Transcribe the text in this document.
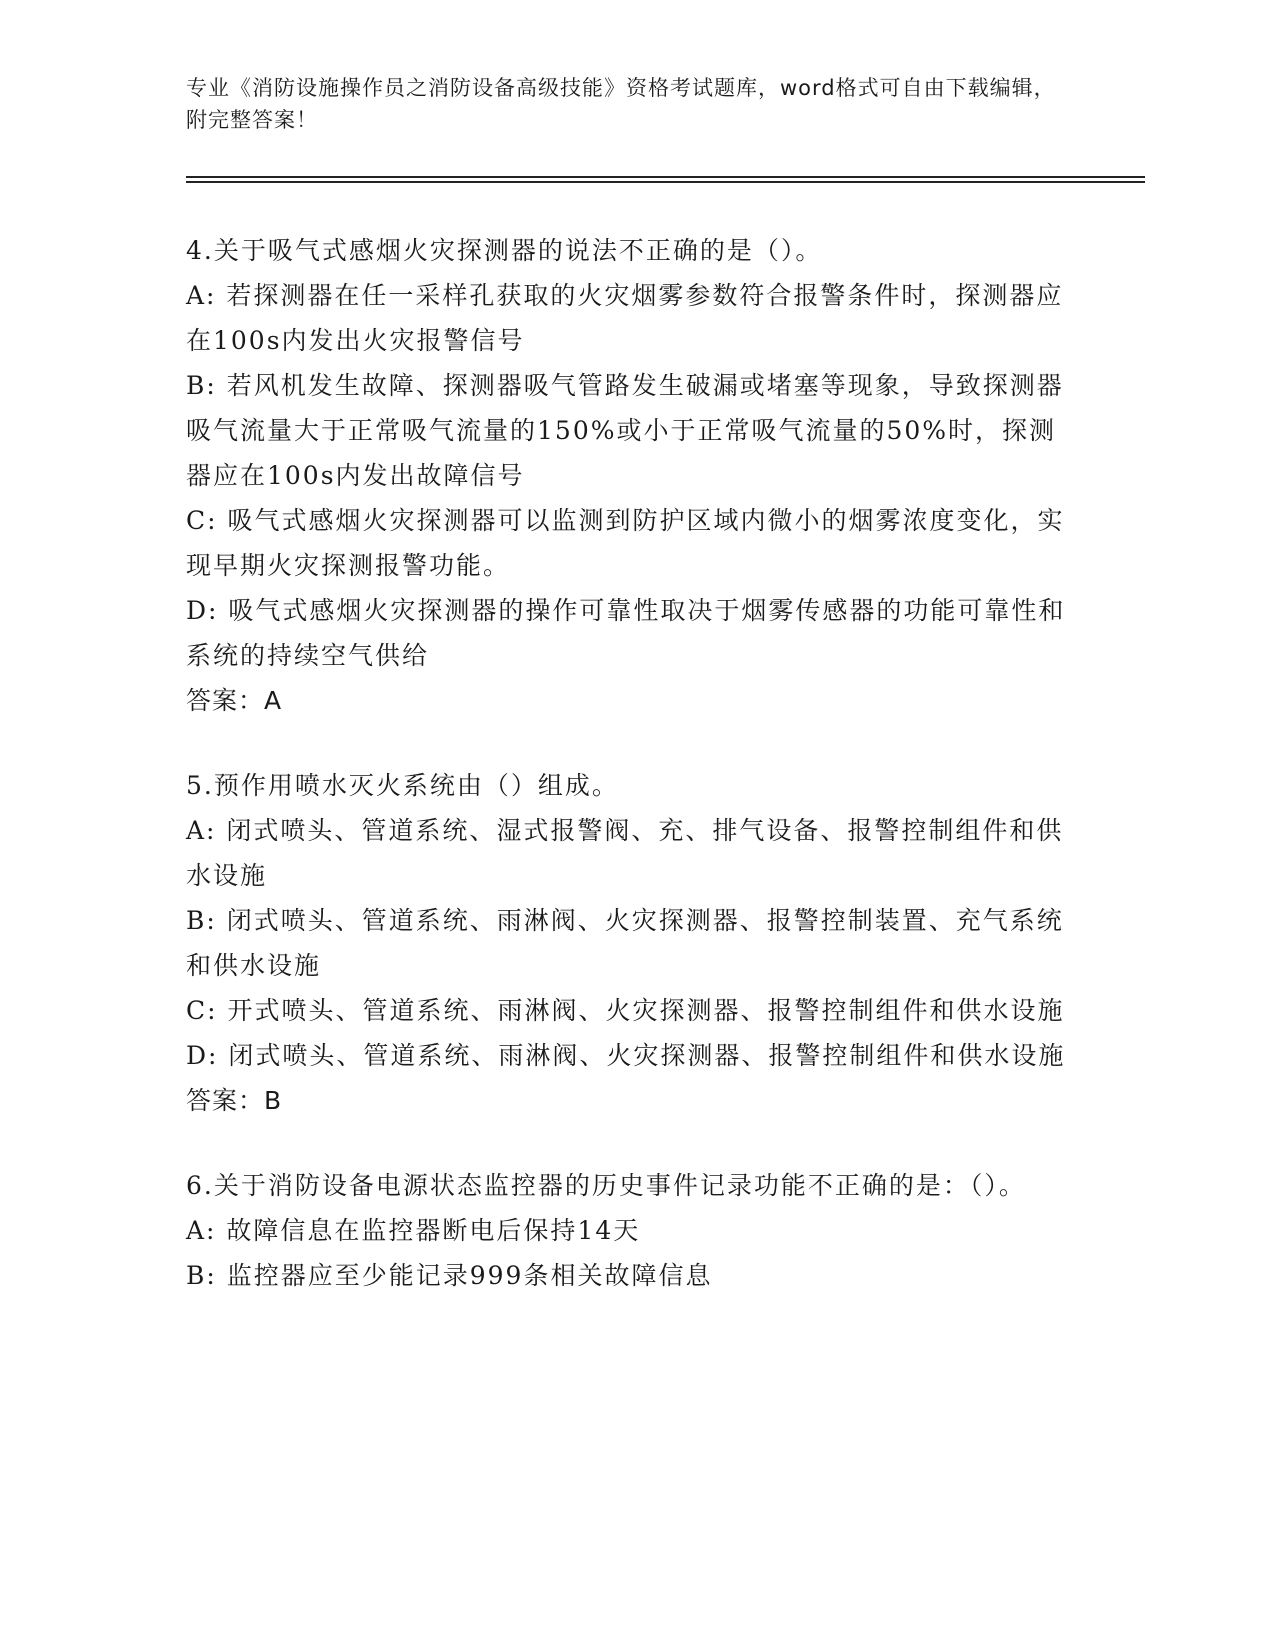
专业《消防设施操作员之消防设备高级技能》资格考试题库，word格式可自由下载编辑，附完整答案！

4.关于吸气式感烟火灾探测器的说法不正确的是（）。

A: 若探测器在任一采样孔获取的火灾烟雾参数符合报警条件时，探测器应在100s内发出火灾报警信号

B: 若风机发生故障、探测器吸气管路发生破漏或堵塞等现象，导致探测器吸气流量大于正常吸气流量的150%或小于正常吸气流量的50%时，探测器应在100s内发出故障信号

C: 吸气式感烟火灾探测器可以监测到防护区域内微小的烟雾浓度变化，实现早期火灾探测报警功能。

D: 吸气式感烟火灾探测器的操作可靠性取决于烟雾传感器的功能可靠性和系统的持续空气供给

答案：A

5.预作用喷水灭火系统由（）组成。

A: 闭式喷头、管道系统、湿式报警阀、充、排气设备、报警控制组件和供水设施

B: 闭式喷头、管道系统、雨淋阀、火灾探测器、报警控制装置、充气系统和供水设施

C: 开式喷头、管道系统、雨淋阀、火灾探测器、报警控制组件和供水设施

D: 闭式喷头、管道系统、雨淋阀、火灾探测器、报警控制组件和供水设施

答案：B

6.关于消防设备电源状态监控器的历史事件记录功能不正确的是：（）。

A: 故障信息在监控器断电后保持14天

B: 监控器应至少能记录999条相关故障信息
